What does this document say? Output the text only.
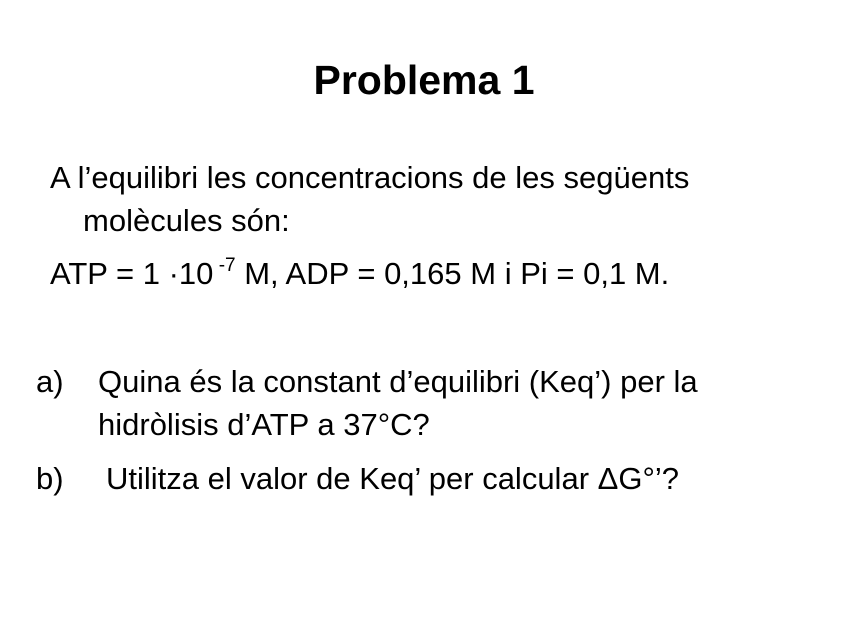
Problema 1
A l’equilibri les concentracions de les següents
molècules són:
ATP = 1 ·10 $^{-7}$ M, ADP = 0,165 M i Pi = 0,1 M.
a) Quina és la constant d’equilibri (Keq’) per la
hidròlisis d’ATP a 37°C?
b) Utilitza el valor de Keq’ per calcular ΔG°’?
